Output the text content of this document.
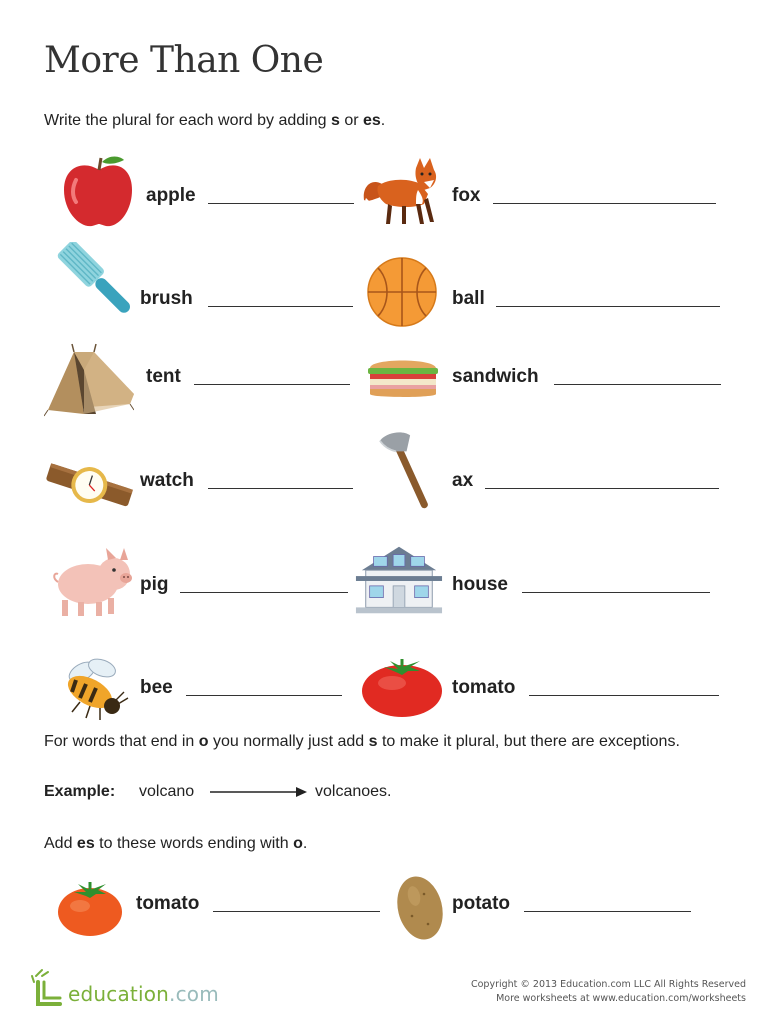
More Than One
Write the plural for each word by adding s or es.
apple	fox
brush	ball
tent	sandwich
watch	ax
pig	house
bee	tomato
For words that end in o you normally just add s to make it plural, but there are exceptions.
Example: volcano	volcanoes.
Add es to these words ending with o.
tomato	potato
education.com	Copyright © 2013 Education.com LLC All Rights Reserved
More worksheets at www.education.com/worksheets
